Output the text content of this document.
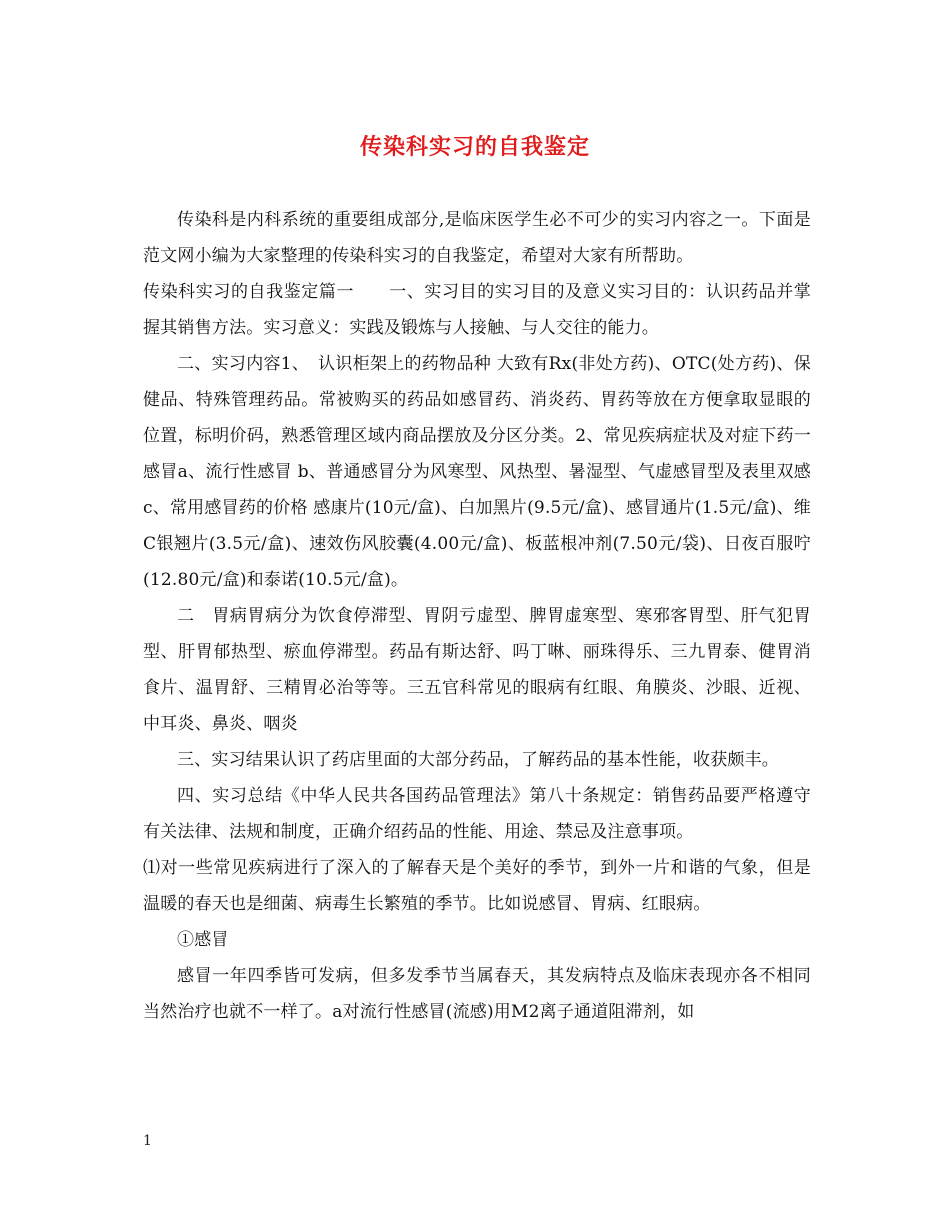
传染科实习的自我鉴定

传染科是内科系统的重要组成部分,是临床医学生必不可少的实习内容之一。下面是范文网小编为大家整理的传染科实习的自我鉴定，希望对大家有所帮助。

传染科实习的自我鉴定篇一　　一、实习目的实习目的及意义实习目的：认识药品并掌握其销售方法。实习意义：实践及锻炼与人接触、与人交往的能力。

二、实习内容1、　认识柜架上的药物品种 大致有Rx(非处方药)、OTC(处方药)、保健品、特殊管理药品。常被购买的药品如感冒药、消炎药、胃药等放在方便拿取显眼的位置，标明价码，熟悉管理区域内商品摆放及分区分类。2、常见疾病症状及对症下药一　感冒a、流行性感冒 b、普通感冒分为风寒型、风热型、暑湿型、气虚感冒型及表里双感c、常用感冒药的价格 感康片(10元/盒)、白加黑片(9.5元/盒)、感冒通片(1.5元/盒)、维C银翘片(3.5元/盒)、速效伤风胶囊(4.00元/盒)、板蓝根冲剂(7.50元/袋)、日夜百服咛(12.80元/盒)和泰诺(10.5元/盒)。

二　胃病胃病分为饮食停滞型、胃阴亏虚型、脾胃虚寒型、寒邪客胃型、肝气犯胃型、肝胃郁热型、瘀血停滞型。药品有斯达舒、吗丁啉、丽珠得乐、三九胃泰、健胃消食片、温胃舒、三精胃必治等等。三五官科常见的眼病有红眼、角膜炎、沙眼、近视、中耳炎、鼻炎、咽炎

三、实习结果认识了药店里面的大部分药品，了解药品的基本性能，收获颇丰。

四、实习总结《中华人民共各国药品管理法》第八十条规定：销售药品要严格遵守有关法律、法规和制度，正确介绍药品的性能、用途、禁忌及注意事项。

⑴对一些常见疾病进行了深入的了解春天是个美好的季节，到外一片和谐的气象，但是温暖的春天也是细菌、病毒生长繁殖的季节。比如说感冒、胃病、红眼病。

①感冒

感冒一年四季皆可发病，但多发季节当属春天，其发病特点及临床表现亦各不相同当然治疗也就不一样了。a对流行性感冒(流感)用M2离子通道阻滞剂，如

1
